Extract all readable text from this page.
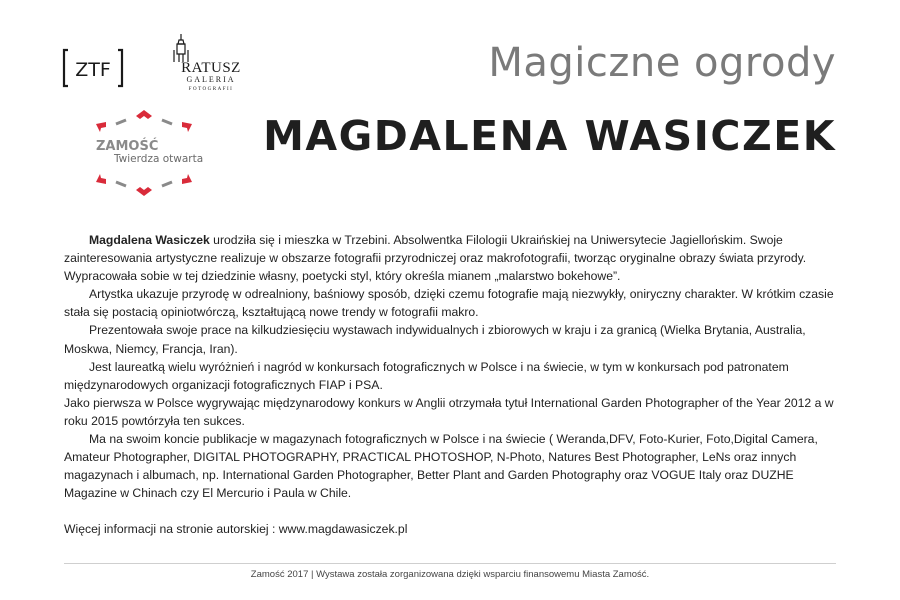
ZTF	RATUSZ
GALERIA
FOTOGRAFII
ZAMOŚĆ
Twierdza otwarta
Magiczne ogrody
MAGDALENA WASICZEK

Magdalena Wasiczek urodziła się i mieszka w Trzebini. Absolwentka Filologii Ukraińskiej na Uniwersytecie Jagiellońskim. Swoje zainteresowania artystyczne realizuje w obszarze fotografii przyrodniczej oraz makrofotografii, tworząc oryginalne obrazy świata przyrody. Wypracowała sobie w tej dziedzinie własny, poetycki styl, który określa mianem „malarstwo bokehowe”.

Artystka ukazuje przyrodę w odrealniony, baśniowy sposób, dzięki czemu fotografie mają niezwykły, oniryczny charakter. W krótkim czasie stała się postacią opiniotwórczą, kształtującą nowe trendy w fotografii makro.

Prezentowała swoje prace na kilkudziesięciu wystawach indywidualnych i zbiorowych w kraju i za granicą (Wielka Brytania, Australia, Moskwa, Niemcy, Francja, Iran).

Jest laureatką wielu wyróżnień i nagród w konkursach fotograficznych w Polsce i na świecie, w tym w konkursach pod patronatem międzynarodowych organizacji fotograficznych FIAP i PSA.

Jako pierwsza w Polsce wygrywając międzynarodowy konkurs w Anglii otrzymała tytuł International Garden Photographer of the Year 2012 a w roku 2015 powtórzyła ten sukces.

Ma na swoim koncie publikacje w magazynach fotograficznych w Polsce i na świecie ( Weranda,DFV, Foto-Kurier, Foto,Digital Camera, Amateur Photographer, DIGITAL PHOTOGRAPHY, PRACTICAL PHOTOSHOP, N-Photo, Natures Best Photographer, LeNs oraz innych magazynach i albumach, np. International Garden Photographer, Better Plant and Garden Photography oraz VOGUE Italy oraz DUZHE Magazine w Chinach czy El Mercurio i Paula w Chile.

Więcej informacji na stronie autorskiej : www.magdawasiczek.pl

Zamość 2017 | Wystawa została zorganizowana dzięki wsparciu finansowemu Miasta Zamość.
